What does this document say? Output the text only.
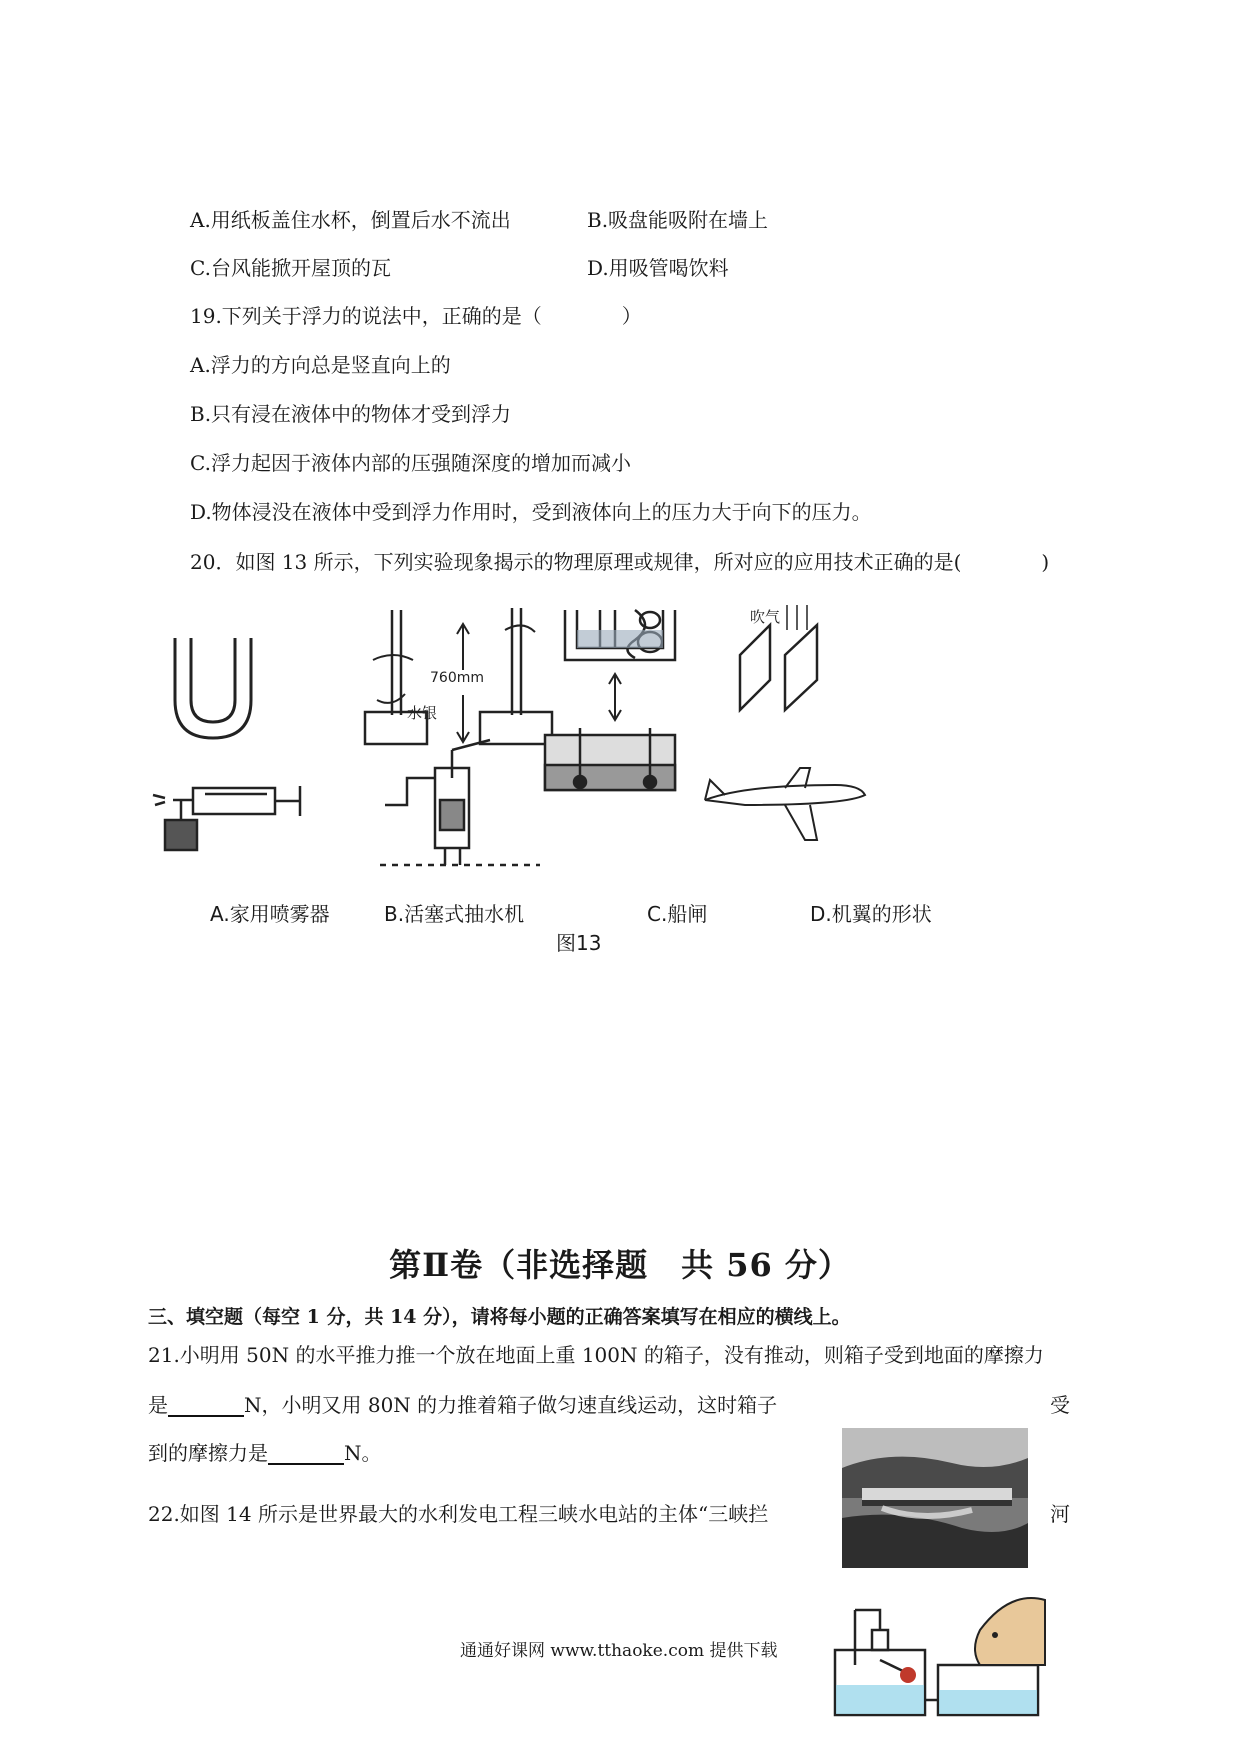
A.用纸板盖住水杯，倒置后水不流出	B.吸盘能吸附在墙上
C.台风能掀开屋顶的瓦	D.用吸管喝饮料
19.下列关于浮力的说法中，正确的是（　　　　）
A.浮力的方向总是竖直向上的
B.只有浸在液体中的物体才受到浮力
C.浮力起因于液体内部的压强随深度的增加而减小
D.物体浸没在液体中受到浮力作用时，受到液体向上的压力大于向下的压力。
20．如图 13 所示，下列实验现象揭示的物理原理或规律，所对应的应用技术正确的是(　　　　)
760mm
水银
吹气
A.家用喷雾器	B.活塞式抽水机	C.船闸	D.机翼的形状
图13
第Ⅱ卷（非选择题　共 56 分）
三、填空题（每空 1 分，共 14 分），请将每小题的正确答案填写在相应的横线上。
21.小明用 50N 的水平推力推一个放在地面上重 100N 的箱子，没有推动，则箱子受到地面的摩擦力
是	N，小明又用 80N 的力推着箱子做匀速直线运动，这时箱子	受
到的摩擦力是	N。
22.如图 14 所示是世界最大的水利发电工程三峡水电站的主体“三峡拦	河
通通好课网 www.tthaoke.com 提供下载
